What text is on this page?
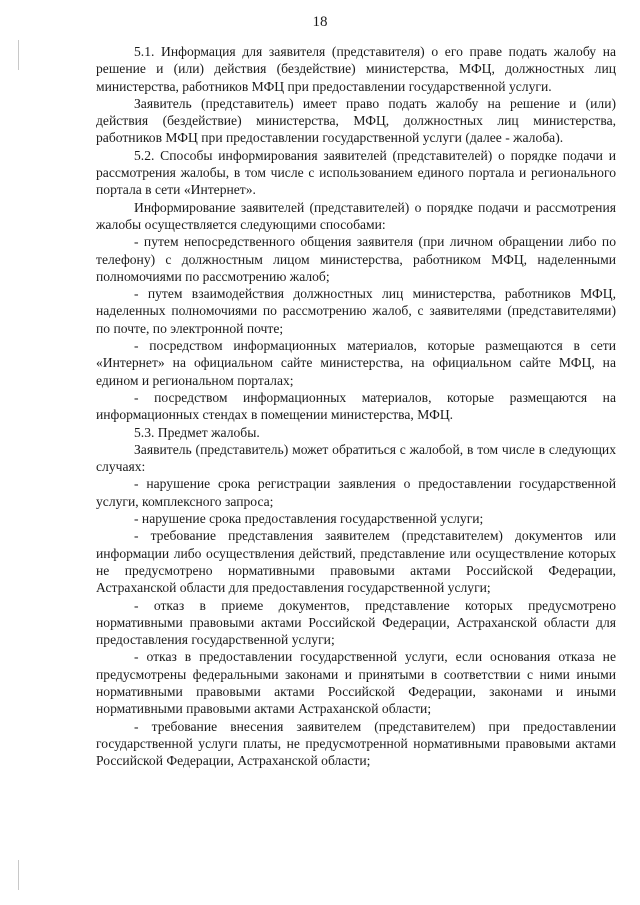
18

5.1. Информация для заявителя (представителя) о его праве подать жалобу на решение и (или) действия (бездействие) министерства, МФЦ, должностных лиц министерства, работников МФЦ при предоставлении государственной услуги.

Заявитель (представитель) имеет право подать жалобу на решение и (или) действия (бездействие) министерства, МФЦ, должностных лиц министерства, работников МФЦ при предоставлении государственной услуги (далее - жалоба).

5.2. Способы информирования заявителей (представителей) о порядке подачи и рассмотрения жалобы, в том числе с использованием единого портала и регионального портала в сети «Интернет».

Информирование заявителей (представителей) о порядке подачи и рассмотрения жалобы осуществляется следующими способами:

- путем непосредственного общения заявителя (при личном обращении либо по телефону) с должностным лицом министерства, работником МФЦ, наделенными полномочиями по рассмотрению жалоб;

- путем взаимодействия должностных лиц министерства, работников МФЦ, наделенных полномочиями по рассмотрению жалоб, с заявителями (представителями) по почте, по электронной почте;

- посредством информационных материалов, которые размещаются в сети «Интернет» на официальном сайте министерства, на официальном сайте МФЦ, на едином и региональном порталах;

- посредством информационных материалов, которые размещаются на информационных стендах в помещении министерства, МФЦ.

5.3. Предмет жалобы.

Заявитель (представитель) может обратиться с жалобой, в том числе в следующих случаях:

- нарушение срока регистрации заявления о предоставлении государственной услуги, комплексного запроса;

- нарушение срока предоставления государственной услуги;

- требование представления заявителем (представителем) документов или информации либо осуществления действий, представление или осуществление которых не предусмотрено нормативными правовыми актами Российской Федерации, Астраханской области для предоставления государственной услуги;

- отказ в приеме документов, представление которых предусмотрено нормативными правовыми актами Российской Федерации, Астраханской области для предоставления государственной услуги;

- отказ в предоставлении государственной услуги, если основания отказа не предусмотрены федеральными законами и принятыми в соответствии с ними иными нормативными правовыми актами Российской Федерации, законами и иными нормативными правовыми актами Астраханской области;

- требование внесения заявителем (представителем) при предоставлении государственной услуги платы, не предусмотренной нормативными правовыми актами Российской Федерации, Астраханской области;
